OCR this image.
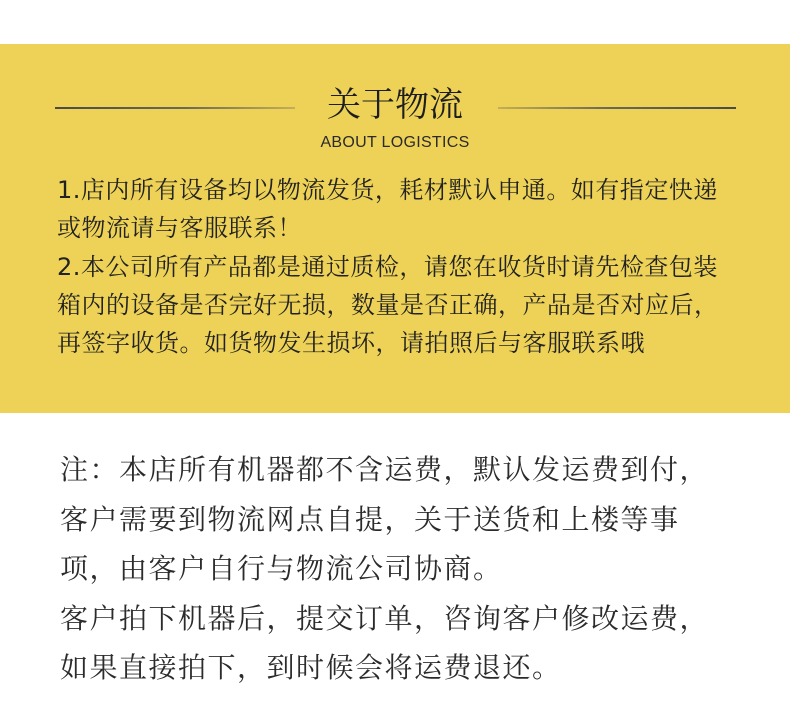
关于物流
ABOUT LOGISTICS
1.店内所有设备均以物流发货，耗材默认申通。如有指定快递
或物流请与客服联系！
2.本公司所有产品都是通过质检，请您在收货时请先检查包装
箱内的设备是否完好无损，数量是否正确，产品是否对应后，
再签字收货。如货物发生损坏，请拍照后与客服联系哦
注：本店所有机器都不含运费，默认发运费到付，
客户需要到物流网点自提，关于送货和上楼等事
项，由客户自行与物流公司协商。
客户拍下机器后，提交订单，咨询客户修改运费，
如果直接拍下，到时候会将运费退还。
